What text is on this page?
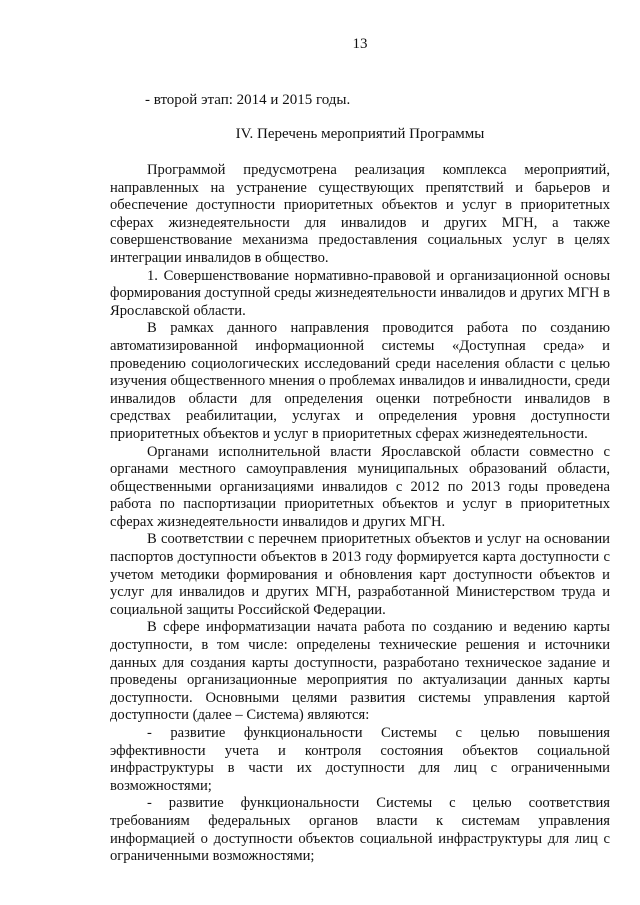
13
- второй этап: 2014 и 2015 годы.
IV. Перечень мероприятий Программы

Программой предусмотрена реализация комплекса мероприятий, направленных на устранение существующих препятствий и барьеров и обеспечение доступности приоритетных объектов и услуг в приоритетных сферах жизнедеятельности для инвалидов и других МГН, а также совершенствование механизма предоставления социальных услуг в целях интеграции инвалидов в общество.

1. Совершенствование нормативно-правовой и организационной основы формирования доступной среды жизнедеятельности инвалидов и других МГН в Ярославской области.

В рамках данного направления проводится работа по созданию автоматизированной информационной системы «Доступная среда» и проведению социологических исследований среди населения области с целью изучения общественного мнения о проблемах инвалидов и инвалидности, среди инвалидов области для определения оценки потребности инвалидов в средствах реабилитации, услугах и определения уровня доступности приоритетных объектов и услуг в приоритетных сферах жизнедеятельности.

Органами исполнительной власти Ярославской области совместно с органами местного самоуправления муниципальных образований области, общественными организациями инвалидов с 2012 по 2013 годы проведена работа по паспортизации приоритетных объектов и услуг в приоритетных сферах жизнедеятельности инвалидов и других МГН.

В соответствии с перечнем приоритетных объектов и услуг на основании паспортов доступности объектов в 2013 году формируется карта доступности с учетом методики формирования и обновления карт доступности объектов и услуг для инвалидов и других МГН, разработанной Министерством труда и социальной защиты Российской Федерации.

В сфере информатизации начата работа по созданию и ведению карты доступности, в том числе: определены технические решения и источники данных для создания карты доступности, разработано техническое задание и проведены организационные мероприятия по актуализации данных карты доступности. Основными целями развития системы управления картой доступности (далее – Система) являются:

- развитие функциональности Системы с целью повышения эффективности учета и контроля состояния объектов социальной инфраструктуры в части их доступности для лиц с ограниченными возможностями;

- развитие функциональности Системы с целью соответствия требованиям федеральных органов власти к системам управления информацией о доступности объектов социальной инфраструктуры для лиц с ограниченными возможностями;
